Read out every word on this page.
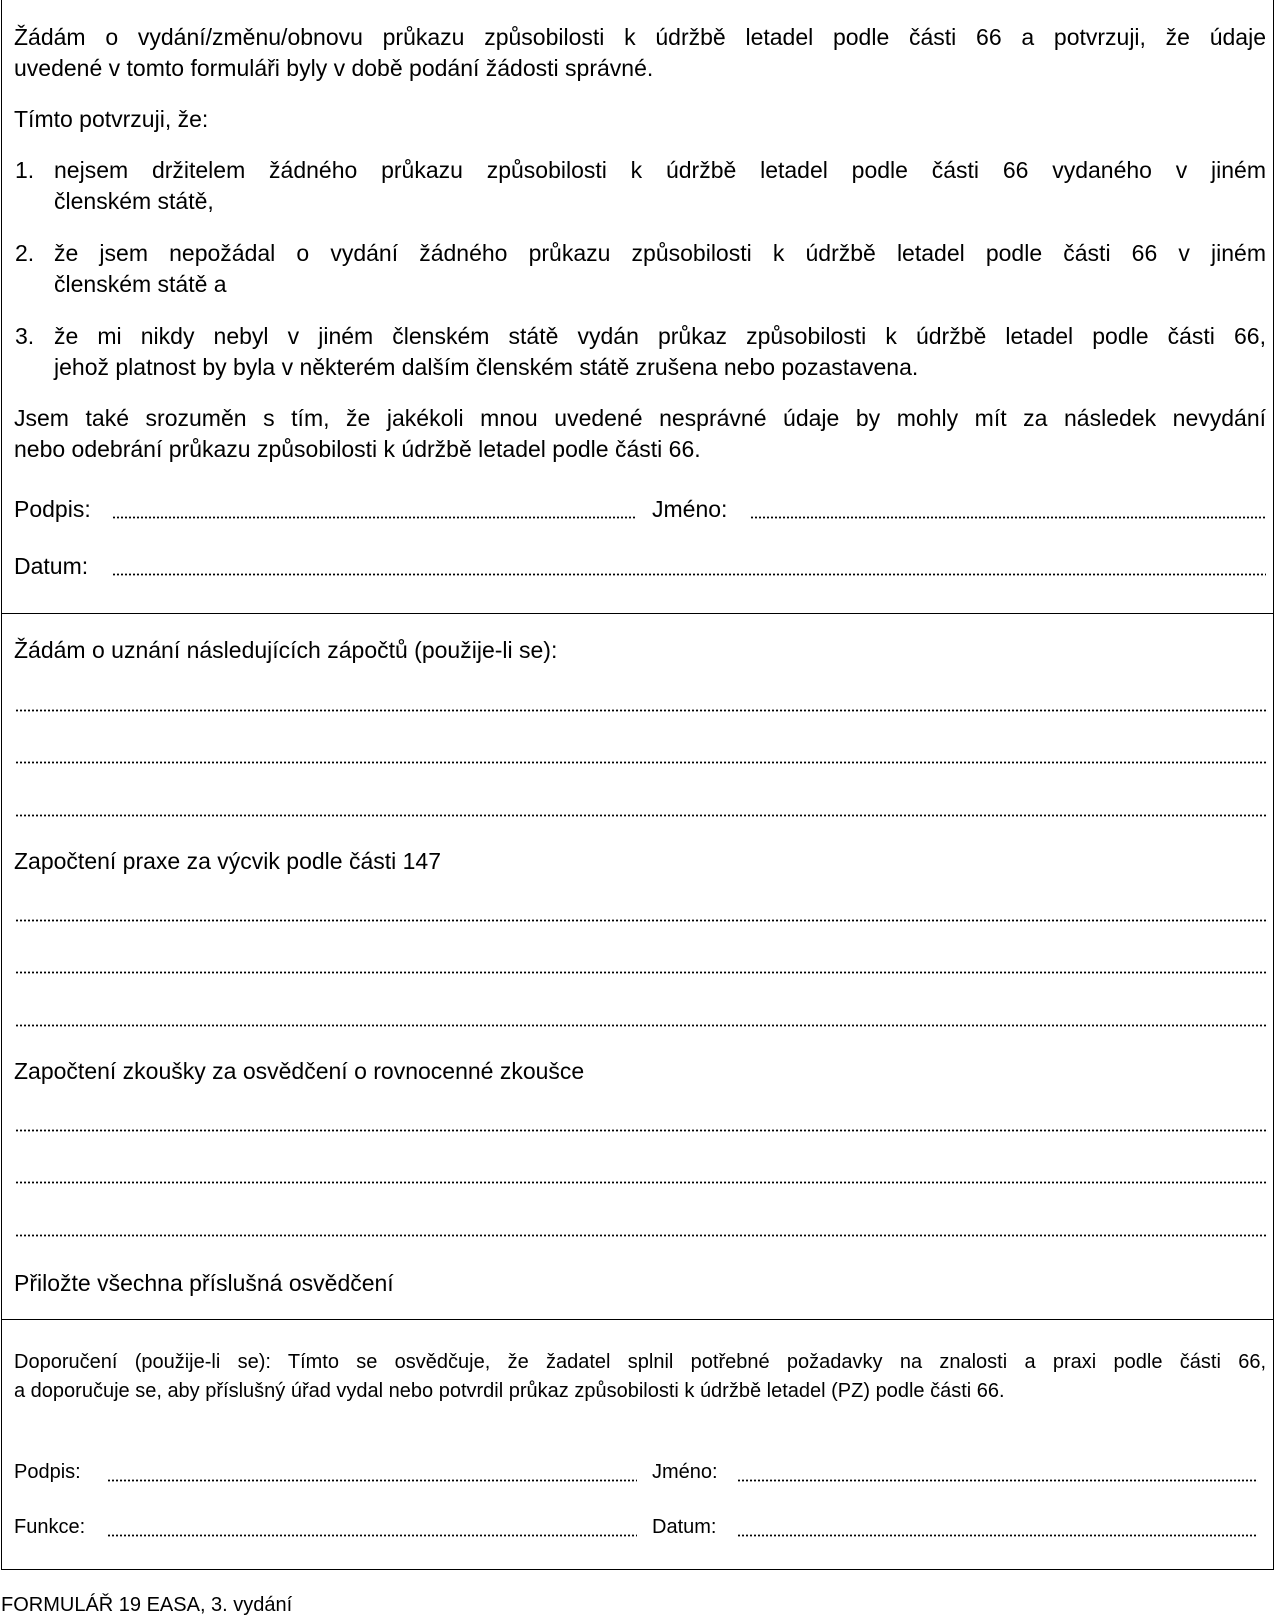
Žádám o vydání/změnu/obnovu průkazu způsobilosti k údržbě letadel podle části 66 a potvrzuji, že údaje
uvedené v tomto formuláři byly v době podání žádosti správné.
Tímto potvrzuji, že:
1. nejsem držitelem žádného průkazu způsobilosti k údržbě letadel podle části 66 vydaného v jiném
členském státě,
2. že jsem nepožádal o vydání žádného průkazu způsobilosti k údržbě letadel podle části 66 v jiném
členském státě a
3. že mi nikdy nebyl v jiném členském státě vydán průkaz způsobilosti k údržbě letadel podle části 66,
jehož platnost by byla v některém dalším členském státě zrušena nebo pozastavena.
Jsem také srozuměn s tím, že jakékoli mnou uvedené nesprávné údaje by mohly mít za následek nevydání
nebo odebrání průkazu způsobilosti k údržbě letadel podle části 66.
Podpis:	Jméno:
Datum:
Žádám o uznání následujících zápočtů (použije-li se):
Započtení praxe za výcvik podle části 147
Započtení zkoušky za osvědčení o rovnocenné zkoušce
Přiložte všechna příslušná osvědčení
Doporučení (použije-li se): Tímto se osvědčuje, že žadatel splnil potřebné požadavky na znalosti a praxi podle části 66,
a doporučuje se, aby příslušný úřad vydal nebo potvrdil průkaz způsobilosti k údržbě letadel (PZ) podle části 66.
Podpis:	Jméno:
Funkce:	Datum:
FORMULÁŘ 19 EASA, 3. vydání
